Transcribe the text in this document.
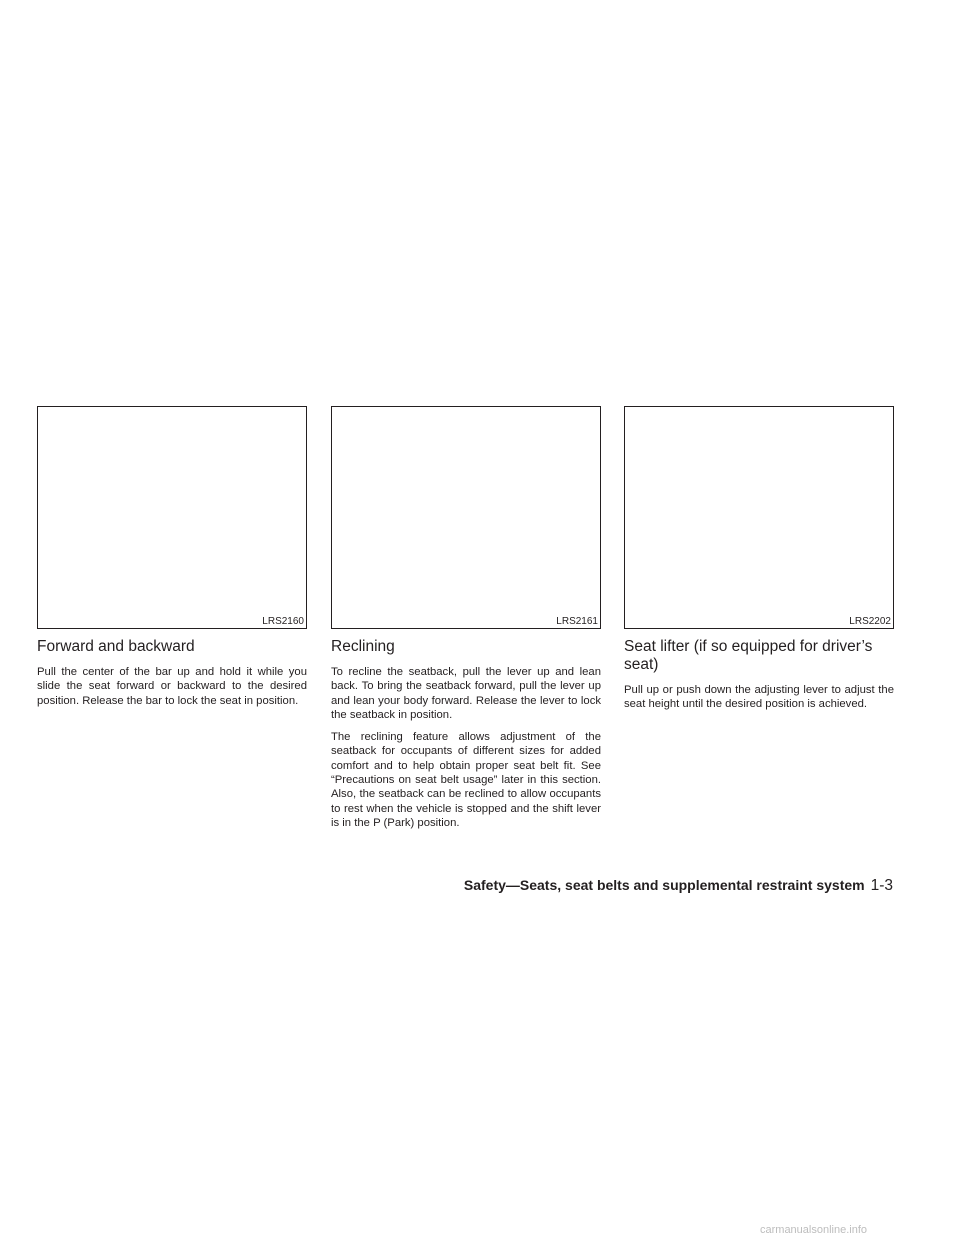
LRS2160
Forward and backward

Pull the center of the bar up and hold it while you slide the seat forward or backward to the desired position. Release the bar to lock the seat in position.

LRS2161
Reclining

To recline the seatback, pull the lever up and lean back. To bring the seatback forward, pull the lever up and lean your body forward. Release the lever to lock the seatback in position.

The reclining feature allows adjustment of the seatback for occupants of different sizes for added comfort and to help obtain proper seat belt fit. See “Precautions on seat belt usage” later in this section. Also, the seatback can be reclined to allow occupants to rest when the vehicle is stopped and the shift lever is in the P (Park) position.

LRS2202
Seat lifter (if so equipped for driver’s seat)

Pull up or push down the adjusting lever to adjust the seat height until the desired position is achieved.

Safety—Seats, seat belts and supplemental restraint system 1-3
carmanualsonline.info
